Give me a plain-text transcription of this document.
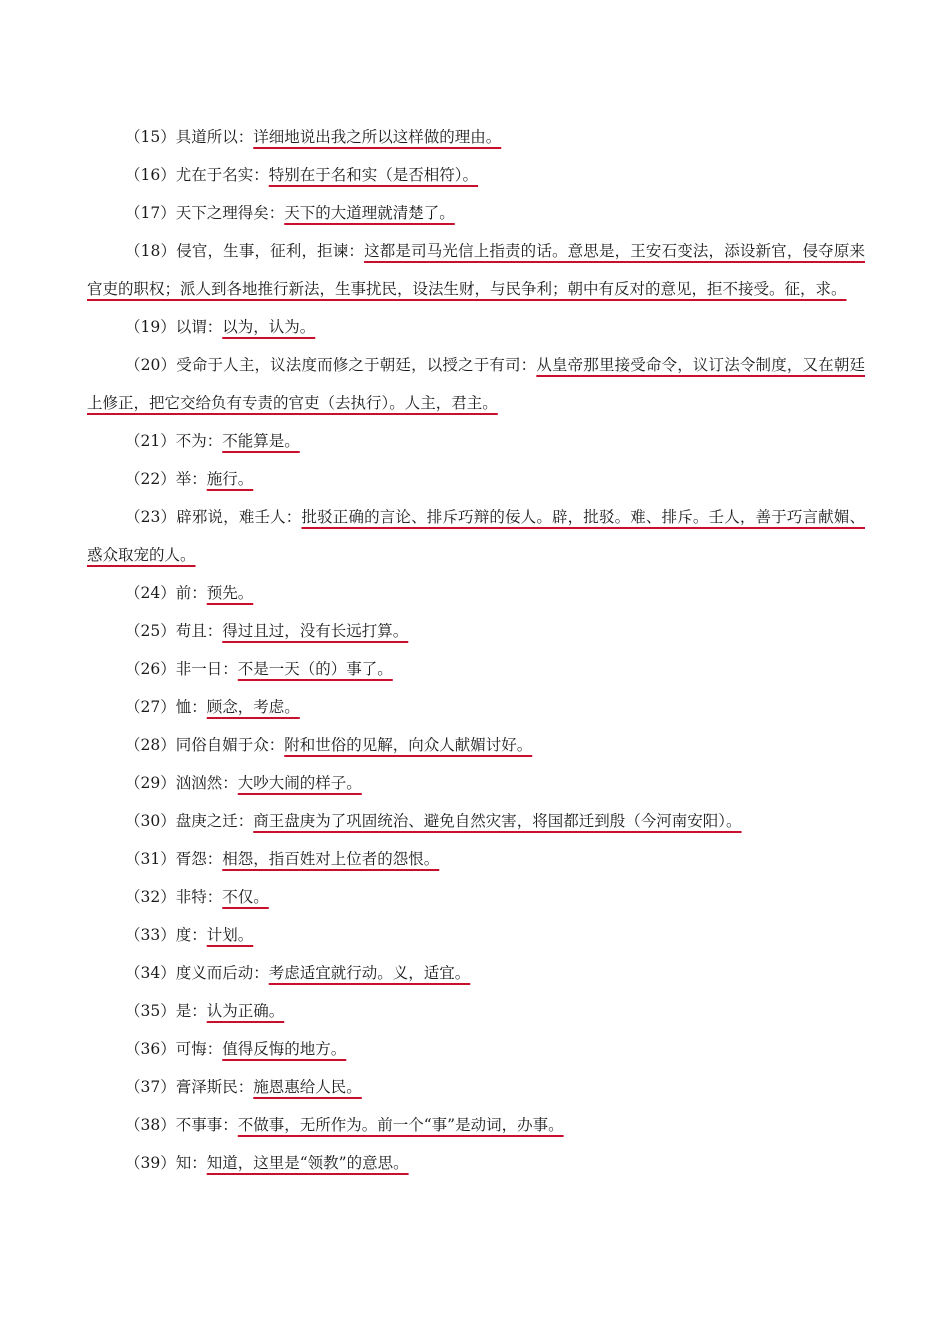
（15）具道所以：详细地说出我之所以这样做的理由。

（16）尤在于名实：特别在于名和实（是否相符）。

（17）天下之理得矣：天下的大道理就清楚了。

（18）侵官，生事，征利，拒谏：这都是司马光信上指责的话。意思是，王安石变法，添设新官，侵夺原来官吏的职权；派人到各地推行新法，生事扰民，设法生财，与民争利；朝中有反对的意见，拒不接受。征，求。

（19）以谓：以为，认为。

（20）受命于人主，议法度而修之于朝廷，以授之于有司：从皇帝那里接受命令，议订法令制度，又在朝廷上修正，把它交给负有专责的官吏（去执行）。人主，君主。

（21）不为：不能算是。

（22）举：施行。

（23）辟邪说，难壬人：批驳正确的言论、排斥巧辩的佞人。辟，批驳。难、排斥。壬人，善于巧言献媚、惑众取宠的人。

（24）前：预先。

（25）苟且：得过且过，没有长远打算。

（26）非一日：不是一天（的）事了。

（27）恤：顾念，考虑。

（28）同俗自媚于众：附和世俗的见解，向众人献媚讨好。

（29）汹汹然：大吵大闹的样子。

（30）盘庚之迁：商王盘庚为了巩固统治、避免自然灾害，将国都迁到殷（今河南安阳）。

（31）胥怨：相怨，指百姓对上位者的怨恨。

（32）非特：不仅。

（33）度：计划。

（34）度义而后动：考虑适宜就行动。义，适宜。

（35）是：认为正确。

（36）可悔：值得反悔的地方。

（37）膏泽斯民：施恩惠给人民。

（38）不事事：不做事，无所作为。前一个“事”是动词，办事。

（39）知：知道，这里是“领教”的意思。
